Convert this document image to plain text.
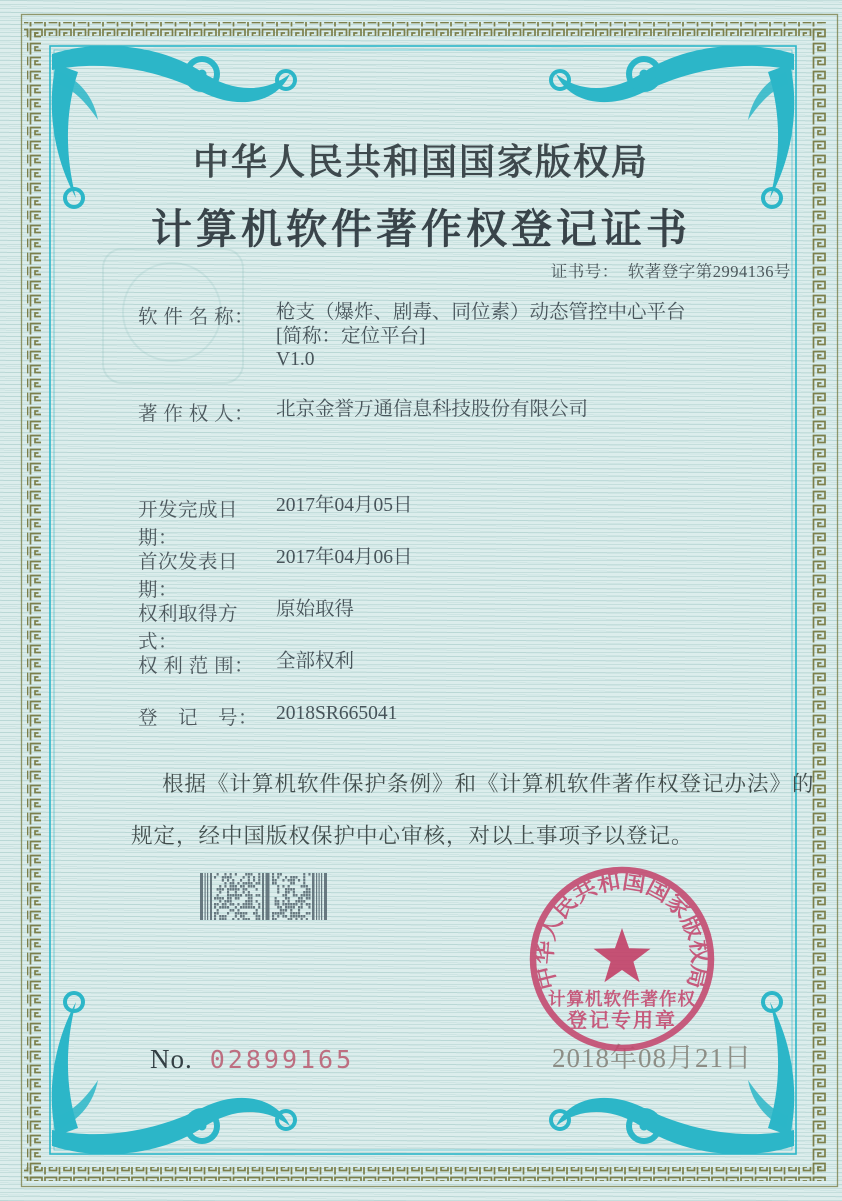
中华人民共和国国家版权局
计算机软件著作权登记证书
证书号： 软著登字第2994136号
软 件 名 称： 枪支（爆炸、剧毒、同位素）动态管控中心平台
[简称：定位平台]
V1.0
著 作 权 人： 北京金誉万通信息科技股份有限公司
开发完成日期：
2017年04月05日
首次发表日期：
2017年04月06日
权利取得方式：
原始取得
权 利 范 围： 全部权利
登　记　号： 2018SR665041
根据《计算机软件保护条例》和《计算机软件著作权登记办法》的
规定，经中国版权保护中心审核，对以上事项予以登记。
中华人民共和国国家版权局
计算机软件著作权
登记专用章
2018年08月21日
No. 02899165
